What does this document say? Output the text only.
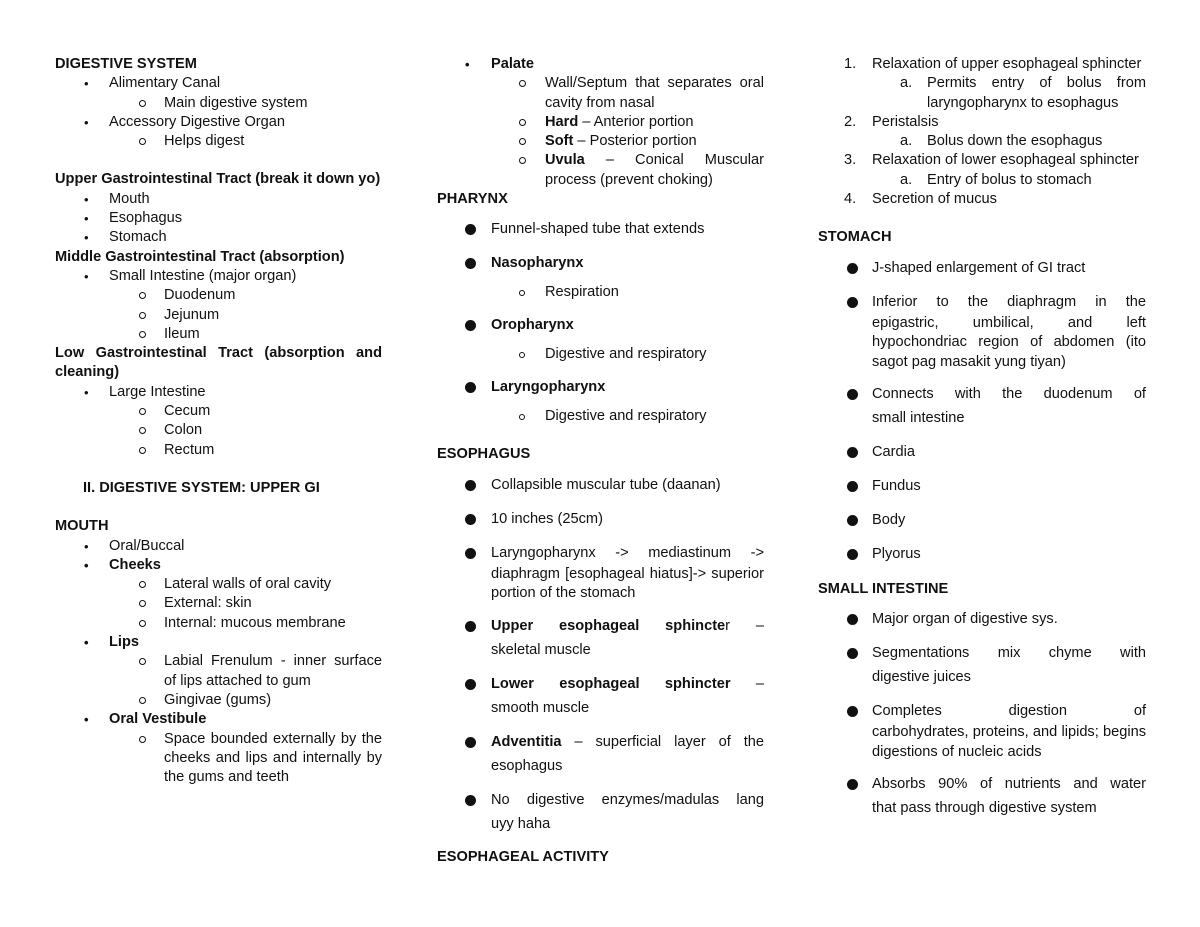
DIGESTIVE SYSTEM

• Alimentary Canal

Main digestive system

• Accessory Digestive Organ

Helps digest

Upper Gastrointestinal Tract (break it down yo)

• Mouth

• Esophagus

• Stomach

Middle Gastrointestinal Tract (absorption)

• Small Intestine (major organ)

Duodenum

Jejunum

Ileum

Low Gastrointestinal Tract (absorption and cleaning)

• Large Intestine

Cecum

Colon

Rectum

II. DIGESTIVE SYSTEM: UPPER GI

MOUTH

• Oral/Buccal

• Cheeks

Lateral walls of oral cavity

External: skin

Internal: mucous membrane

• Lips

Labial Frenulum - inner surface of lips attached to gum

Gingivae (gums)

• Oral Vestibule

Space bounded externally by the cheeks and lips and internally by the gums and teeth

• Palate

Wall/Septum that separates oral cavity from nasal

Hard – Anterior portion

Soft – Posterior portion

Uvula – Conical Muscular process (prevent choking)

PHARYNX

Funnel-shaped tube that extends

Nasopharynx

Respiration

Oropharynx

Digestive and respiratory

Laryngopharynx

Digestive and respiratory

ESOPHAGUS

Collapsible muscular tube (daanan)

10 inches (25cm)

Laryngopharynx -> mediastinum ->
diaphragm [esophageal hiatus]-> superior portion of the stomach
Upper esophageal sphincter –
skeletal muscle
Lower esophageal sphincter –
smooth muscle
Adventitia – superficial layer of the
esophagus
No digestive enzymes/madulas lang
uyy haha

ESOPHAGEAL ACTIVITY

1. Relaxation of upper esophageal sphincter

a. Permits entry of bolus from laryngopharynx to esophagus

2. Peristalsis

a. Bolus down the esophagus

3. Relaxation of lower esophageal sphincter

a. Entry of bolus to stomach

4. Secretion of mucus

STOMACH

J-shaped enlargement of GI tract

Inferior to the diaphragm in the
epigastric, umbilical, and left hypochondriac region of abdomen (ito sagot pag masakit yung tiyan)
Connects with the duodenum of
small intestine

Cardia

Fundus

Body

Plyorus

SMALL INTESTINE

Major organ of digestive sys.

Segmentations mix chyme with
digestive juices
Completes digestion of
carbohydrates, proteins, and lipids; begins digestions of nucleic acids
Absorbs 90% of nutrients and water
that pass through digestive system
